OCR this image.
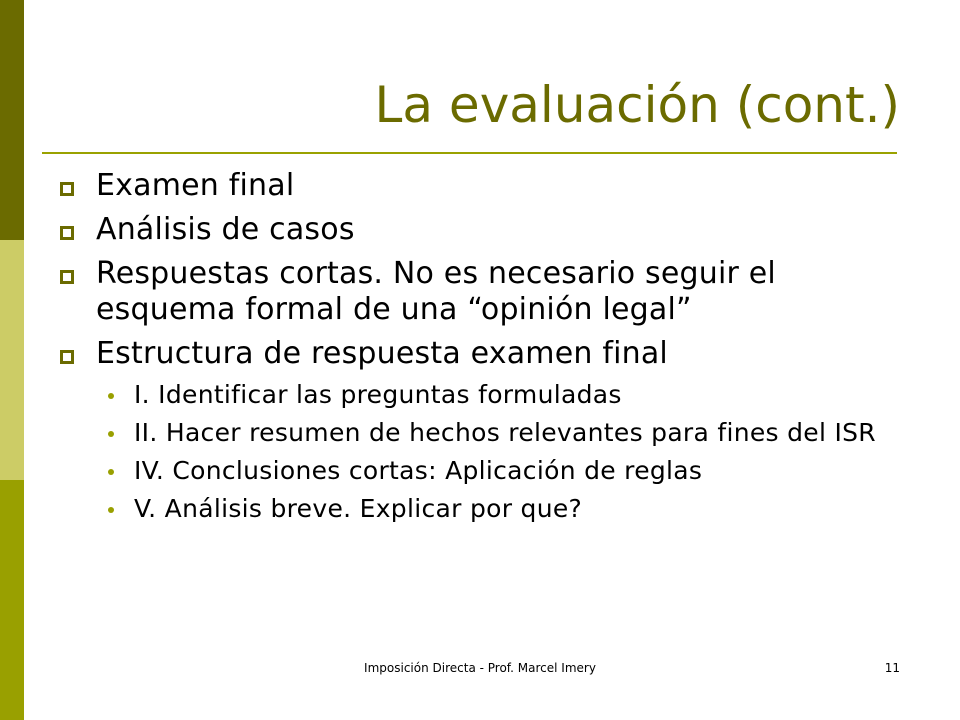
La evaluación (cont.)
Examen final
Análisis de casos
Respuestas cortas. No es necesario seguir el esquema formal de una “opinión legal”
Estructura de respuesta examen final
I. Identificar las preguntas formuladas
II. Hacer resumen de hechos relevantes para fines del ISR
IV. Conclusiones cortas: Aplicación de reglas
V. Análisis breve. Explicar por que?
Imposición Directa - Prof. Marcel Imery	11
